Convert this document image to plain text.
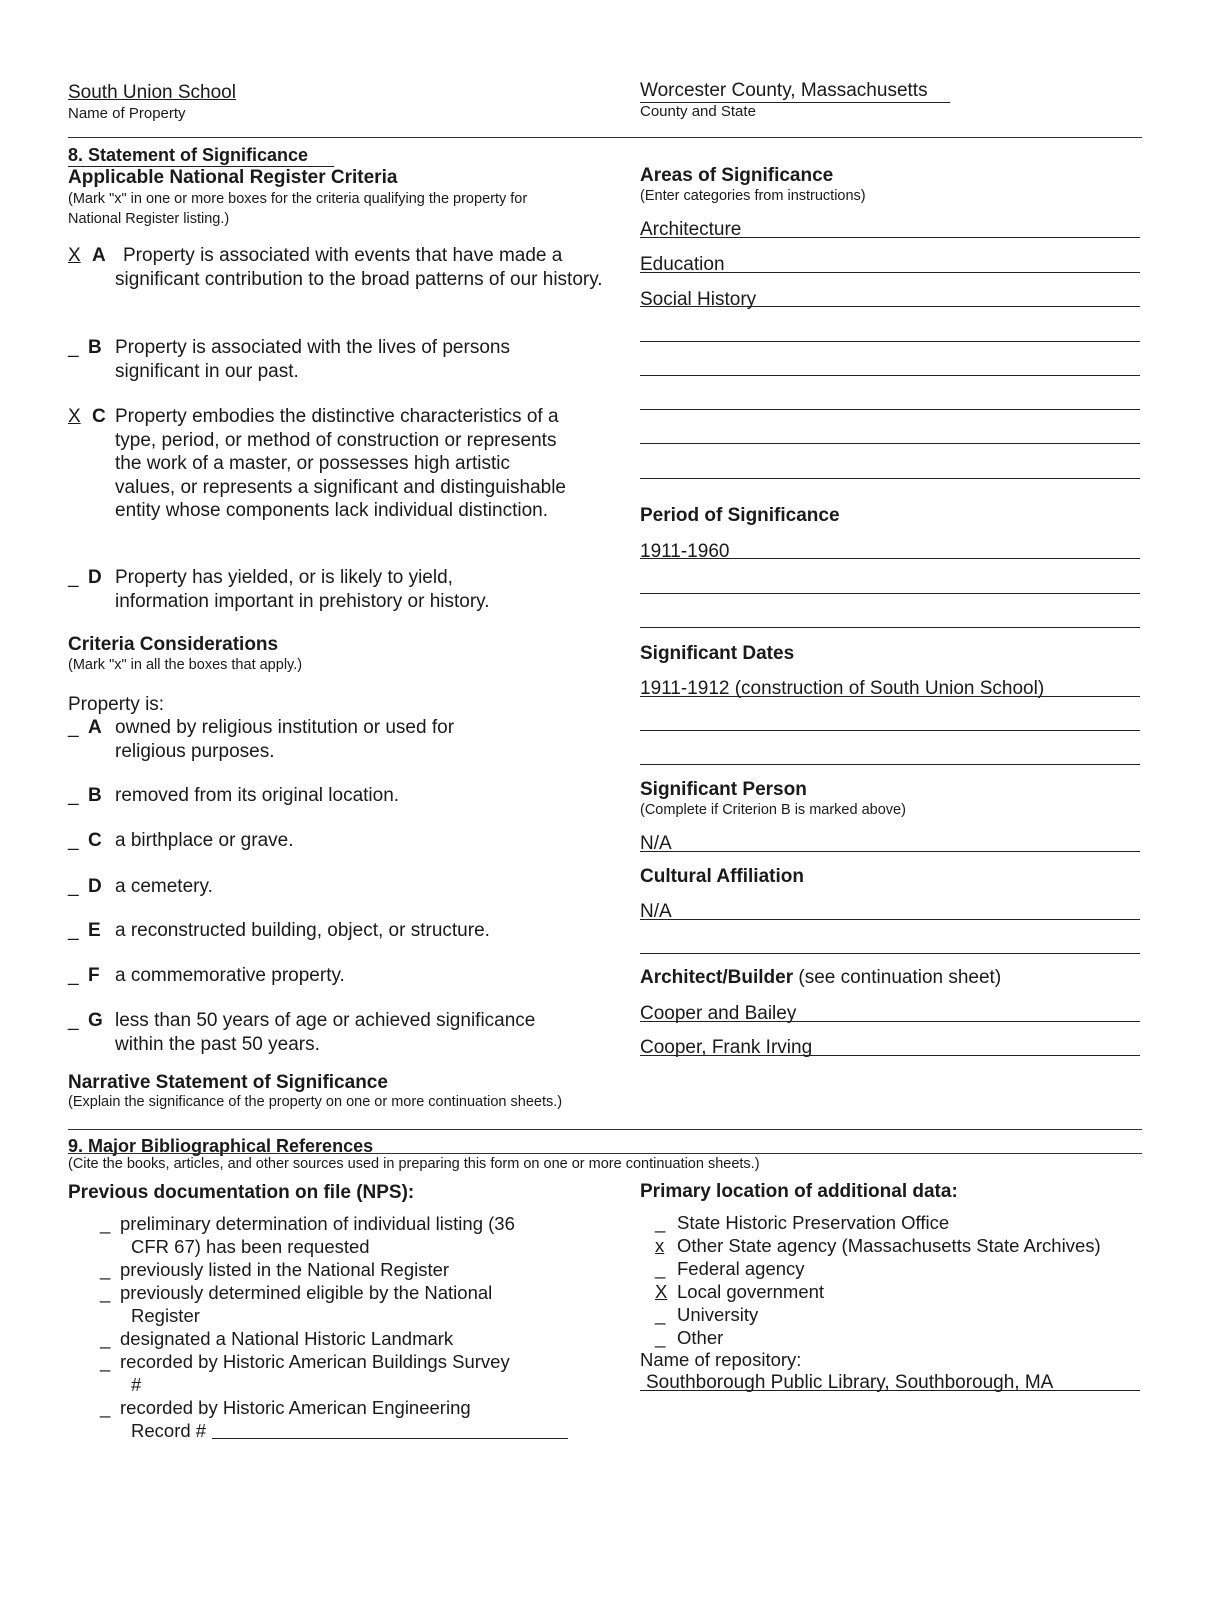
South Union School
Name of Property
Worcester County, Massachusetts
County and State
8. Statement of Significance
Applicable National Register Criteria
(Mark "x" in one or more boxes for the criteria qualifying the property for National Register listing.)
X A Property is associated with events that have made a significant contribution to the broad patterns of our history.
_ B Property is associated with the lives of persons significant in our past.
X C Property embodies the distinctive characteristics of a type, period, or method of construction or represents the work of a master, or possesses high artistic values, or represents a significant and distinguishable entity whose components lack individual distinction.
_ D Property has yielded, or is likely to yield, information important in prehistory or history.
Criteria Considerations
(Mark "x" in all the boxes that apply.)
Property is:
_ A owned by religious institution or used for religious purposes.
_ B removed from its original location.
_ C a birthplace or grave.
_ D a cemetery.
_ E a reconstructed building, object, or structure.
_ F a commemorative property.
_ G less than 50 years of age or achieved significance within the past 50 years.
Narrative Statement of Significance
(Explain the significance of the property on one or more continuation sheets.)
Areas of Significance
(Enter categories from instructions)
Architecture
Education
Social History
Period of Significance
1911-1960
Significant Dates
1911-1912 (construction of South Union School)
Significant Person
(Complete if Criterion B is marked above)
N/A
Cultural Affiliation
N/A
Architect/Builder (see continuation sheet)
Cooper and Bailey
Cooper, Frank Irving
9. Major Bibliographical References
(Cite the books, articles, and other sources used in preparing this form on one or more continuation sheets.)
Previous documentation on file (NPS):
_ preliminary determination of individual listing (36
CFR 67) has been requested
_ previously listed in the National Register
_ previously determined eligible by the National
Register
_ designated a National Historic Landmark
_ recorded by Historic American Buildings Survey
#
_ recorded by Historic American Engineering
Record #
Primary location of additional data:
_ State Historic Preservation Office
x Other State agency (Massachusetts State Archives)
_ Federal agency
X Local government
_ University
_ Other
Name of repository:
Southborough Public Library, Southborough, MA
